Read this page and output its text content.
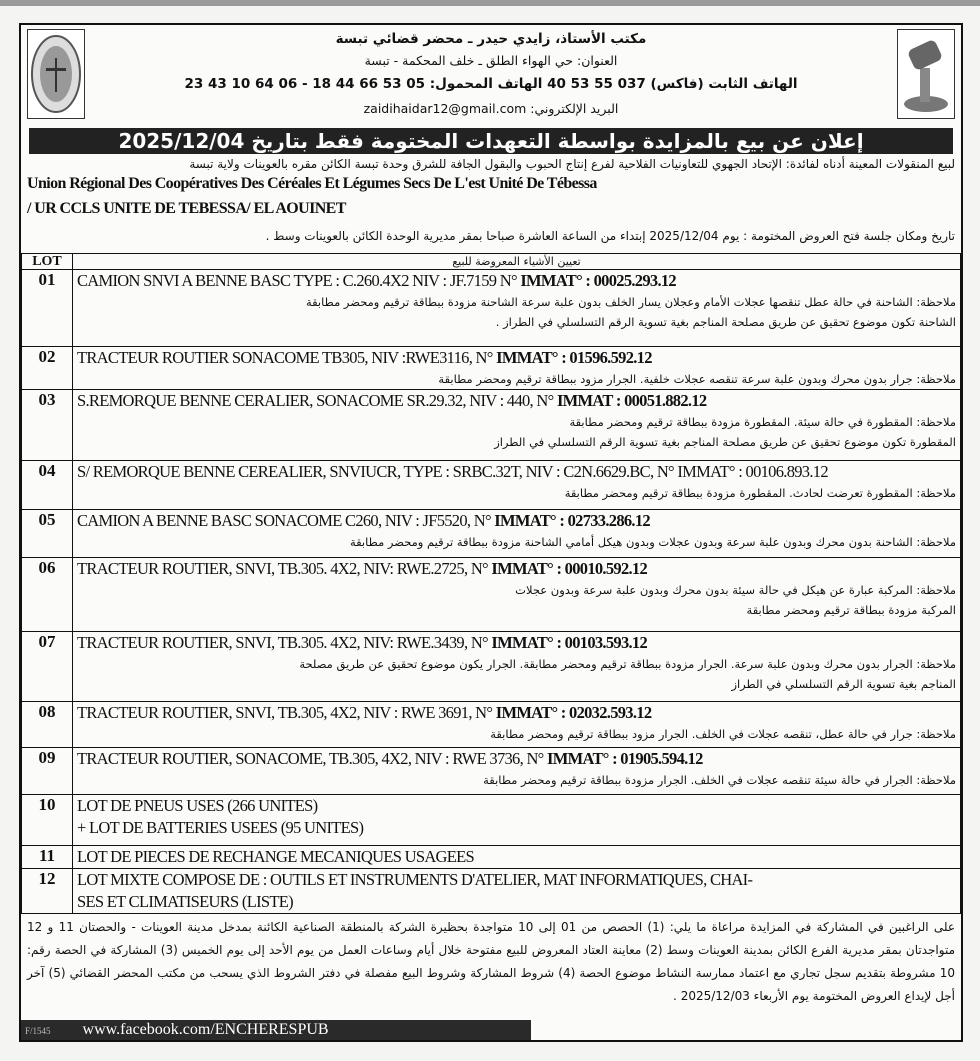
مكتب الأستاذ، زايدي حيدر ـ محضر قضائي تبسة
العنوان: حي الهواء الطلق ـ خلف المحكمة - تبسة
الهاتف الثابت (فاكس) 037 55 53 40 الهاتف المحمول: 05 53 66 44 18 - 06 64 10 43 23
البريد الإلكتروني: zaidihaidar12@gmail.com
إعلان عن بيع بالمزايدة بواسطة التعهدات المختومة فقط بتاريخ 2025/12/04
لبيع المنقولات المعينة أدناه لفائدة: الإتحاد الجهوي للتعاونيات الفلاحية لفرع إنتاج الحبوب والبقول الجافة للشرق وحدة تبسة الكائن مقره بالعوينات ولاية تبسة
Union Régional Des Coopératives Des Céréales Et Légumes Secs De L'est Unité De Tébessa
/ UR CCLS UNITE DE TEBESSA/ EL AOUINET
تاريخ ومكان جلسة فتح العروض المختومة : يوم 2025/12/04 إبتداء من الساعة العاشرة صباحا بمقر مديرية الوحدة الكائن بالعوينات وسط .
LOT	تعيين الأشياء المعروضة للبيع
01	CAMION SNVI A BENNE BASC TYPE : C.260.4X2 NIV : JF.7159 N° IMMAT° : 00025.293.12
ملاحظة: الشاحنة في حالة عطل تنقصها عجلات الأمام وعجلان يسار الخلف بدون علبة سرعة الشاحنة مزودة ببطاقة ترقيم ومحضر مطابقة
الشاحنة تكون موضوع تحقيق عن طريق مصلحة المناجم بغية تسوية الرقم التسلسلي في الطراز .

02	TRACTEUR ROUTIER SONACOME TB305, NIV :RWE3116, N° IMMAT° : 01596.592.12
ملاحظة: جرار بدون محرك وبدون علبة سرعة تنقصه عجلات خلفية. الجرار مزود ببطاقة ترقيم ومحضر مطابقة

03	S.REMORQUE BENNE CERALIER, SONACOME SR.29.32, NIV : 440, N° IMMAT : 00051.882.12
ملاحظة: المقطورة في حالة سيئة. المقطورة مزودة ببطاقة ترقيم ومحضر مطابقة
المقطورة تكون موضوع تحقيق عن طريق مصلحة المناجم بغية تسوية الرقم التسلسلي في الطراز

04	S/ REMORQUE BENNE CEREALIER, SNVIUCR, TYPE : SRBC.32T, NIV : C2N.6629.BC, N° IMMAT° : 00106.893.12
ملاحظة: المقطورة تعرضت لحادث. المقطورة مزودة ببطاقة ترقيم ومحضر مطابقة

05	CAMION A BENNE BASC SONACOME C260, NIV : JF5520, N° IMMAT° : 02733.286.12
ملاحظة: الشاحنة بدون محرك وبدون علبة سرعة وبدون عجلات وبدون هيكل أمامي الشاحنة مزودة ببطاقة ترقيم ومحضر مطابقة

06	TRACTEUR ROUTIER, SNVI, TB.305. 4X2, NIV: RWE.2725, N° IMMAT° : 00010.592.12
ملاحظة: المركبة عبارة عن هيكل في حالة سيئة بدون محرك وبدون علبة سرعة وبدون عجلات
المركبة مزودة ببطاقة ترقيم ومحضر مطابقة

07	TRACTEUR ROUTIER, SNVI, TB.305. 4X2, NIV: RWE.3439, N° IMMAT° : 00103.593.12
ملاحظة: الجرار بدون محرك وبدون علبة سرعة. الجرار مزودة ببطاقة ترقيم ومحضر مطابقة. الجرار يكون موضوع تحقيق عن طريق مصلحة
المناجم بغية تسوية الرقم التسلسلي في الطراز

08	TRACTEUR ROUTIER, SNVI, TB.305, 4X2, NIV : RWE 3691, N° IMMAT° : 02032.593.12
ملاحظة: جرار في حالة عطل، تنقصه عجلات في الخلف. الجرار مزود ببطاقة ترقيم ومحضر مطابقة

09	TRACTEUR ROUTIER, SONACOME, TB.305, 4X2, NIV : RWE 3736, N° IMMAT° : 01905.594.12
ملاحظة: الجرار في حالة سيئة تنقصه عجلات في الخلف. الجرار مزودة ببطاقة ترقيم ومحضر مطابقة

10	LOT DE PNEUS USES (266 UNITES)
+ LOT DE BATTERIES USEES (95 UNITES)

11	LOT DE PIECES DE RECHANGE MECANIQUES USAGEES

12	LOT MIXTE COMPOSE DE : OUTILS ET INSTRUMENTS D'ATELIER, MAT INFORMATIQUES, CHAI-
SES ET CLIMATISEURS (LISTE)
على الراغبين في المشاركة في المزايدة مراعاة ما يلي: (1) الحصص من 01 إلى 10 متواجدة بحظيرة الشركة بالمنطقة الصناعية الكائنة بمدخل مدينة العوينات - والحصتان 11 و 12 متواجدتان بمقر مديرية الفرع الكائن بمدينة العوينات وسط (2) معاينة العتاد المعروض للبيع مفتوحة خلال أيام وساعات العمل من يوم الأحد إلى يوم الخميس (3) المشاركة في الحصة رقم: 10 مشروطة بتقديم سجل تجاري مع اعتماد ممارسة النشاط موضوع الحصة (4) شروط المشاركة وشروط البيع مفصلة في دفتر الشروط الذي يسحب من مكتب المحضر القضائي (5) آخر أجل لإيداع العروض المختومة يوم الأربعاء 2025/12/03 .
F/1545 www.facebook.com/ENCHERESPUB
